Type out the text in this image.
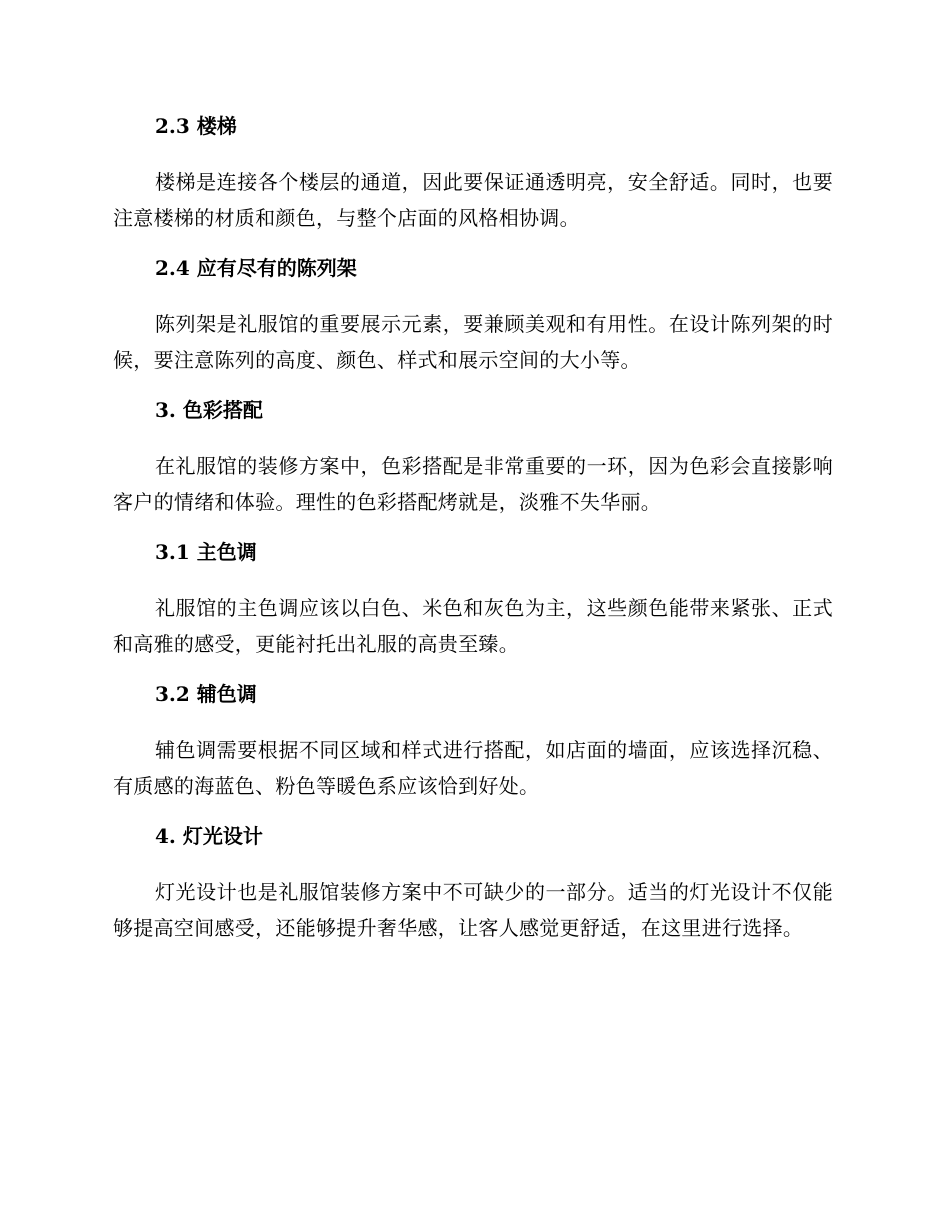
2.3 楼梯

楼梯是连接各个楼层的通道，因此要保证通透明亮，安全舒适。同时，也要注意楼梯的材质和颜色，与整个店面的风格相协调。

2.4 应有尽有的陈列架

陈列架是礼服馆的重要展示元素，要兼顾美观和有用性。在设计陈列架的时候，要注意陈列的高度、颜色、样式和展示空间的大小等。

3. 色彩搭配

在礼服馆的装修方案中，色彩搭配是非常重要的一环，因为色彩会直接影响客户的情绪和体验。理性的色彩搭配烤就是，淡雅不失华丽。

3.1 主色调

礼服馆的主色调应该以白色、米色和灰色为主，这些颜色能带来紧张、正式和高雅的感受，更能衬托出礼服的高贵至臻。

3.2 辅色调

辅色调需要根据不同区域和样式进行搭配，如店面的墙面，应该选择沉稳、有质感的海蓝色、粉色等暖色系应该恰到好处。

4. 灯光设计

灯光设计也是礼服馆装修方案中不可缺少的一部分。适当的灯光设计不仅能够提高空间感受，还能够提升奢华感，让客人感觉更舒适，在这里进行选择。
